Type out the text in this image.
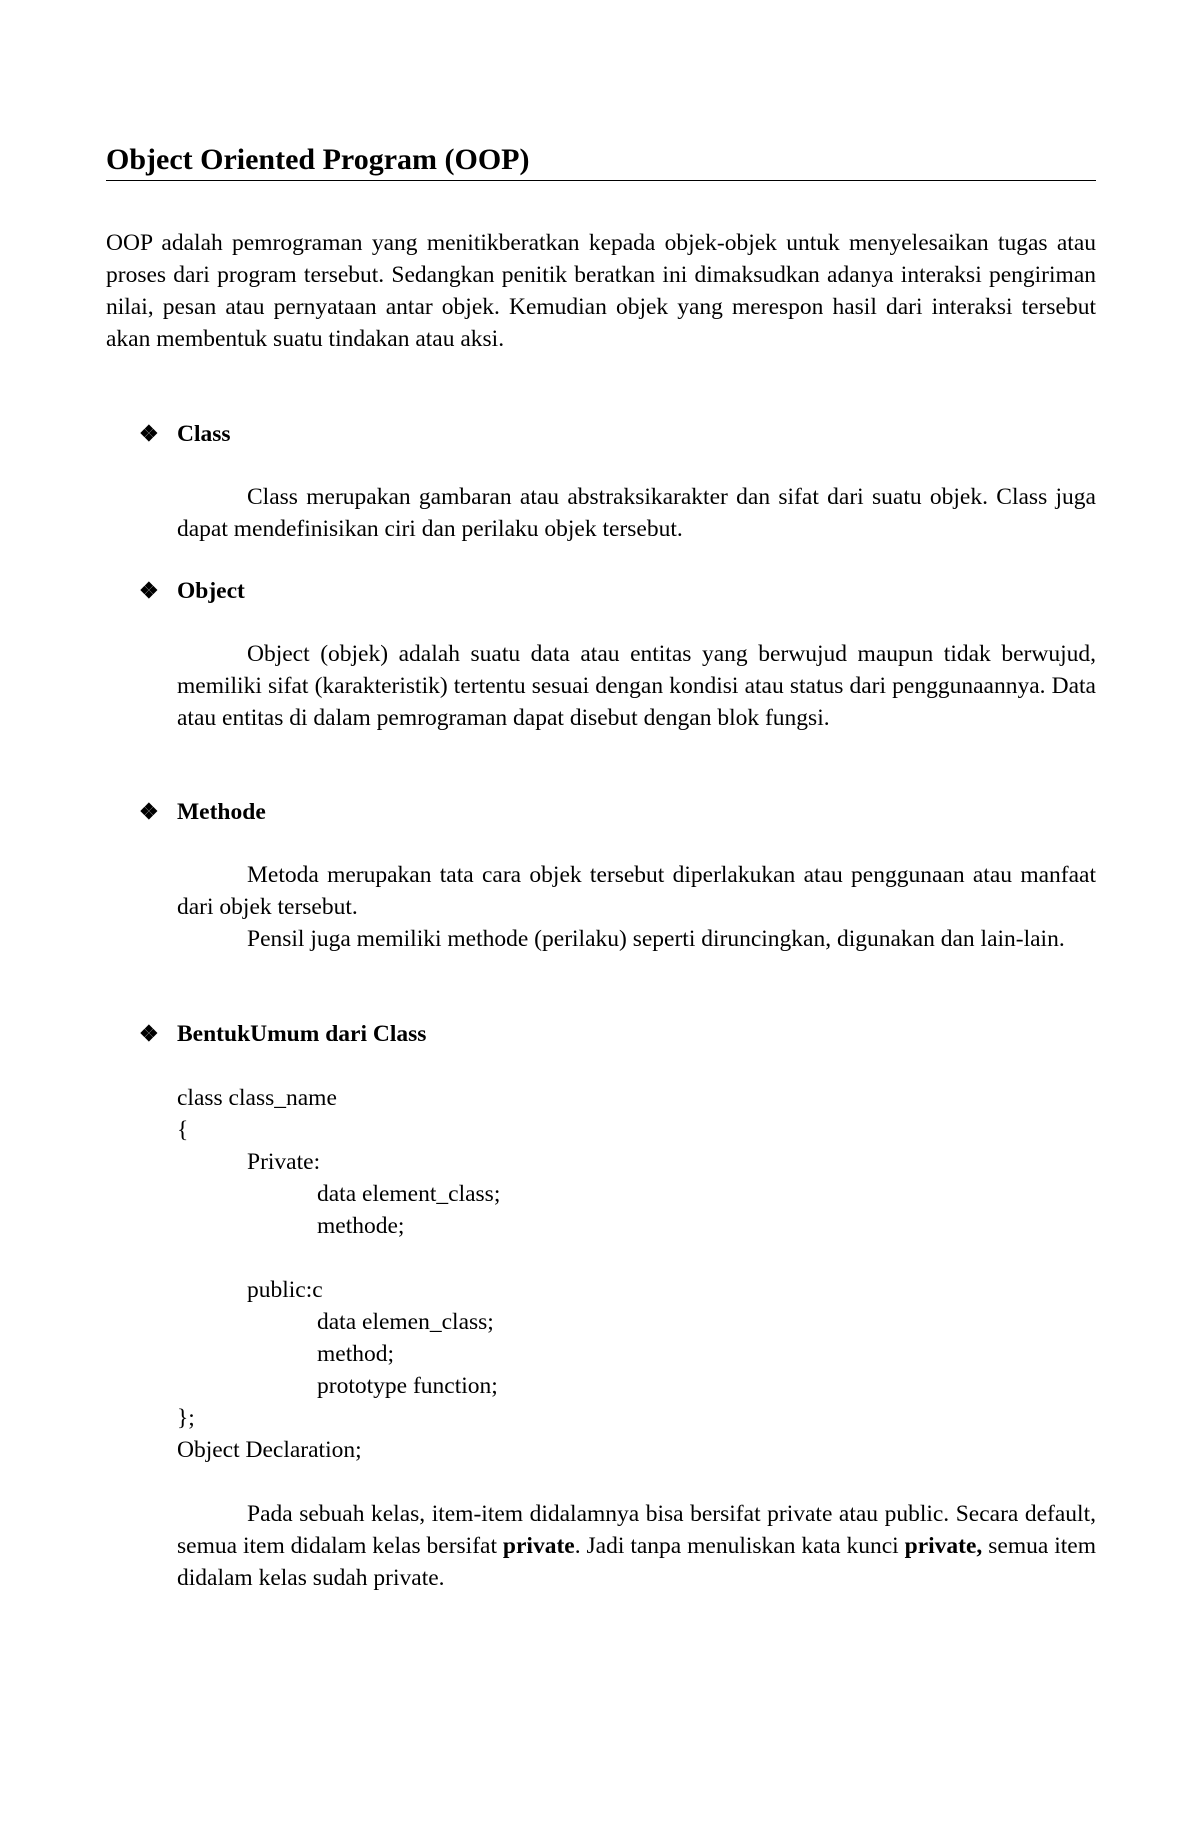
Object Oriented Program (OOP)

OOP adalah pemrograman yang menitikberatkan kepada objek-objek untuk menyelesaikan tugas atau proses dari program tersebut. Sedangkan penitik beratkan ini dimaksudkan adanya interaksi pengiriman nilai, pesan atau pernyataan antar objek. Kemudian objek yang merespon hasil dari interaksi tersebut akan membentuk suatu tindakan atau aksi.

❖ Class

Class merupakan gambaran atau abstraksikarakter dan sifat dari suatu objek. Class juga dapat mendefinisikan ciri dan perilaku objek tersebut.

❖ Object

Object (objek) adalah suatu data atau entitas yang berwujud maupun tidak berwujud, memiliki sifat (karakteristik) tertentu sesuai dengan kondisi atau status dari penggunaannya. Data atau entitas di dalam pemrograman dapat disebut dengan blok fungsi.

❖ Methode

Metoda merupakan tata cara objek tersebut diperlakukan atau penggunaan atau manfaat dari objek tersebut.

Pensil juga memiliki methode (perilaku) seperti diruncingkan, digunakan dan lain-lain.

❖ BentukUmum dari Class

class class_name

{

Private:

data element_class;

methode;

public:c

data elemen_class;

method;

prototype function;

};

Object Declaration;

Pada sebuah kelas, item-item didalamnya bisa bersifat private atau public. Secara default, semua item didalam kelas bersifat private. Jadi tanpa menuliskan kata kunci private, semua item didalam kelas sudah private.
